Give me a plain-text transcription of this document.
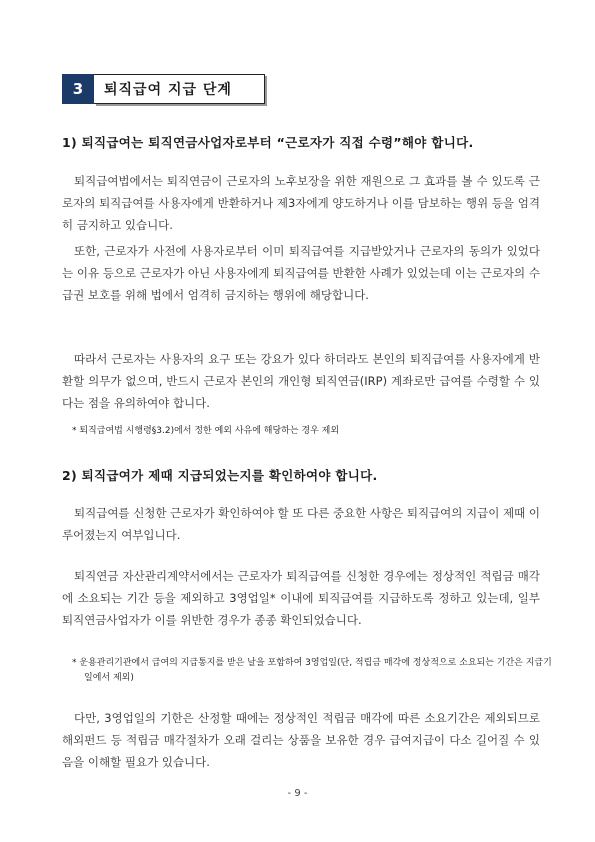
3	퇴직급여 지급 단계
1) 퇴직급여는 퇴직연금사업자로부터 “근로자가 직접 수령”해야 합니다.
퇴직급여법에서는 퇴직연금이 근로자의 노후보장을 위한 재원으로 그 효과를 볼 수 있도록 근로자의 퇴직급여를 사용자에게 반환하거나 제3자에게 양도하거나 이를 담보하는 행위 등을 엄격히 금지하고 있습니다.
또한, 근로자가 사전에 사용자로부터 이미 퇴직급여를 지급받았거나 근로자의 동의가 있었다는 이유 등으로 근로자가 아닌 사용자에게 퇴직급여를 반환한 사례가 있었는데 이는 근로자의 수급권 보호를 위해 법에서 엄격히 금지하는 행위에 해당합니다.
따라서 근로자는 사용자의 요구 또는 강요가 있다 하더라도 본인의 퇴직급여를 사용자에게 반환할 의무가 없으며, 반드시 근로자 본인의 개인형 퇴직연금(IRP) 계좌로만 급여를 수령할 수 있다는 점을 유의하여야 합니다.
* 퇴직급여법 시행령§3.2)에서 정한 예외 사유에 해당하는 경우 제외
2) 퇴직급여가 제때 지급되었는지를 확인하여야 합니다.
퇴직급여를 신청한 근로자가 확인하여야 할 또 다른 중요한 사항은 퇴직급여의 지급이 제때 이루어졌는지 여부입니다.
퇴직연금 자산관리계약서에서는 근로자가 퇴직급여를 신청한 경우에는 정상적인 적립금 매각에 소요되는 기간 등을 제외하고 3영업일* 이내에 퇴직급여를 지급하도록 정하고 있는데, 일부 퇴직연금사업자가 이를 위반한 경우가 종종 확인되었습니다.
* 운용관리기관에서 급여의 지급통지를 받은 날을 포함하여 3영업일(단, 적립금 매각에 정상적으로 소요되는 기간은 지급기일에서 제외)
다만, 3영업일의 기한은 산정할 때에는 정상적인 적립금 매각에 따른 소요기간은 제외되므로 해외펀드 등 적립금 매각절차가 오래 걸리는 상품을 보유한 경우 급여지급이 다소 길어질 수 있음을 이해할 필요가 있습니다.
- 9 -
